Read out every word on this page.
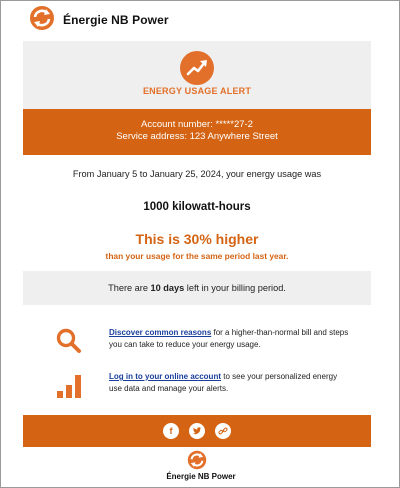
Énergie NB Power
ENERGY USAGE ALERT
Account number: *****27-2
Service address: 123 Anywhere Street
From January 5 to January 25, 2024, your energy usage was
1000 kilowatt-hours
This is 30% higher
than your usage for the same period last year.
There are 10 days left in your billing period.
Discover common reasons for a higher-than-normal bill and steps you can take to reduce your energy usage.
Log in to your online account to see your personalized energy use data and manage your alerts.
f
Énergie NB Power
